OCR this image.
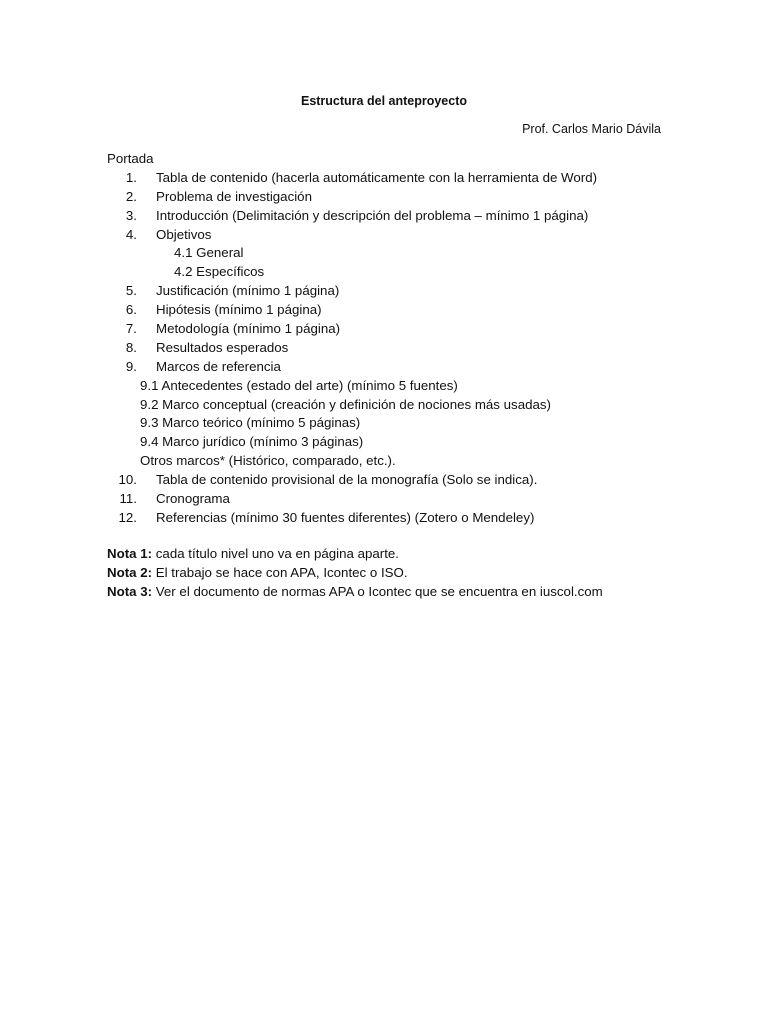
Estructura del anteproyecto
Prof. Carlos Mario Dávila
Portada
1. Tabla de contenido (hacerla automáticamente con la herramienta de Word)
2. Problema de investigación
3. Introducción (Delimitación y descripción del problema – mínimo 1 página)
4. Objetivos
4.1 General
4.2 Específicos
5. Justificación (mínimo 1 página)
6. Hipótesis (mínimo 1 página)
7. Metodología (mínimo 1 página)
8. Resultados esperados
9. Marcos de referencia
9.1 Antecedentes (estado del arte) (mínimo 5 fuentes)
9.2 Marco conceptual (creación y definición de nociones más usadas)
9.3 Marco teórico (mínimo 5 páginas)
9.4 Marco jurídico (mínimo 3 páginas)
Otros marcos* (Histórico, comparado, etc.).
10. Tabla de contenido provisional de la monografía (Solo se indica).
11. Cronograma
12. Referencias (mínimo 30 fuentes diferentes) (Zotero o Mendeley)
Nota 1: cada título nivel uno va en página aparte.
Nota 2: El trabajo se hace con APA, Icontec o ISO.
Nota 3: Ver el documento de normas APA o Icontec que se encuentra en iuscol.com
